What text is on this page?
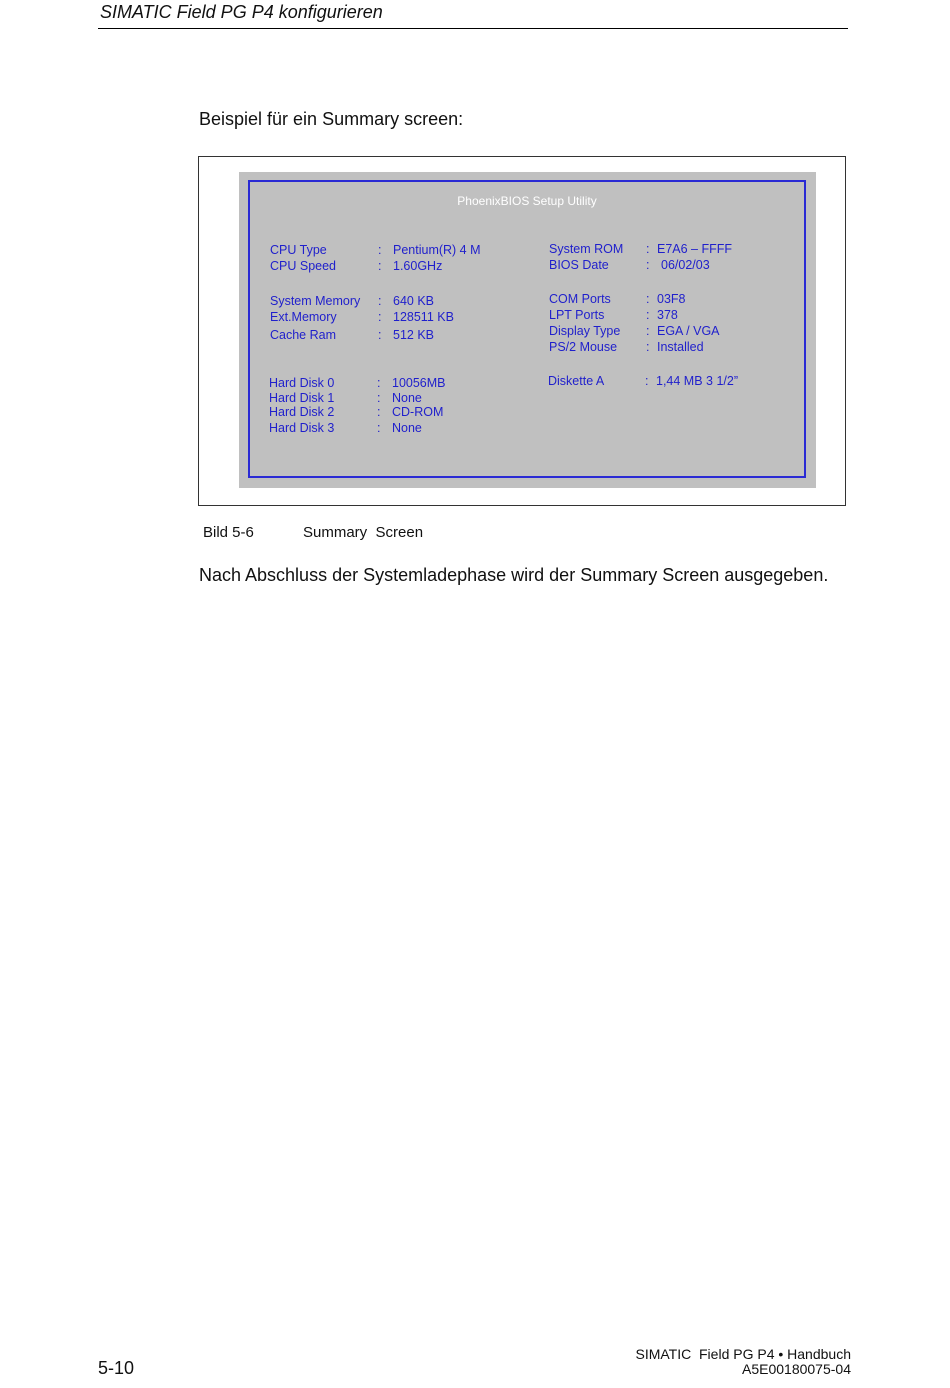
SIMATIC Field PG P4 konfigurieren
Beispiel für ein Summary screen:
PhoenixBIOS Setup Utility
CPU Type	: Pentium(R) 4 M
CPU Speed	: 1.60GHz
System Memory : 640 KB
Ext.Memory	: 128511 KB
Cache Ram	: 512 KB
Hard Disk 0	: 10056MB
Hard Disk 1	: None
Hard Disk 2	: CD-ROM
Hard Disk 3	: None
System ROM : E7A6 – FFFF
BIOS Date	: 06/02/03
COM Ports	: 03F8
LPT Ports	: 378
Display Type : EGA / VGA
PS/2 Mouse : Installed
Diskette A	: 1,44 MB 3 1/2”
Bild 5-6	Summary Screen
Nach Abschluss der Systemladephase wird der Summary Screen ausgegeben.
5-10
SIMATIC  Field PG P4 • Handbuch
A5E00180075-04
